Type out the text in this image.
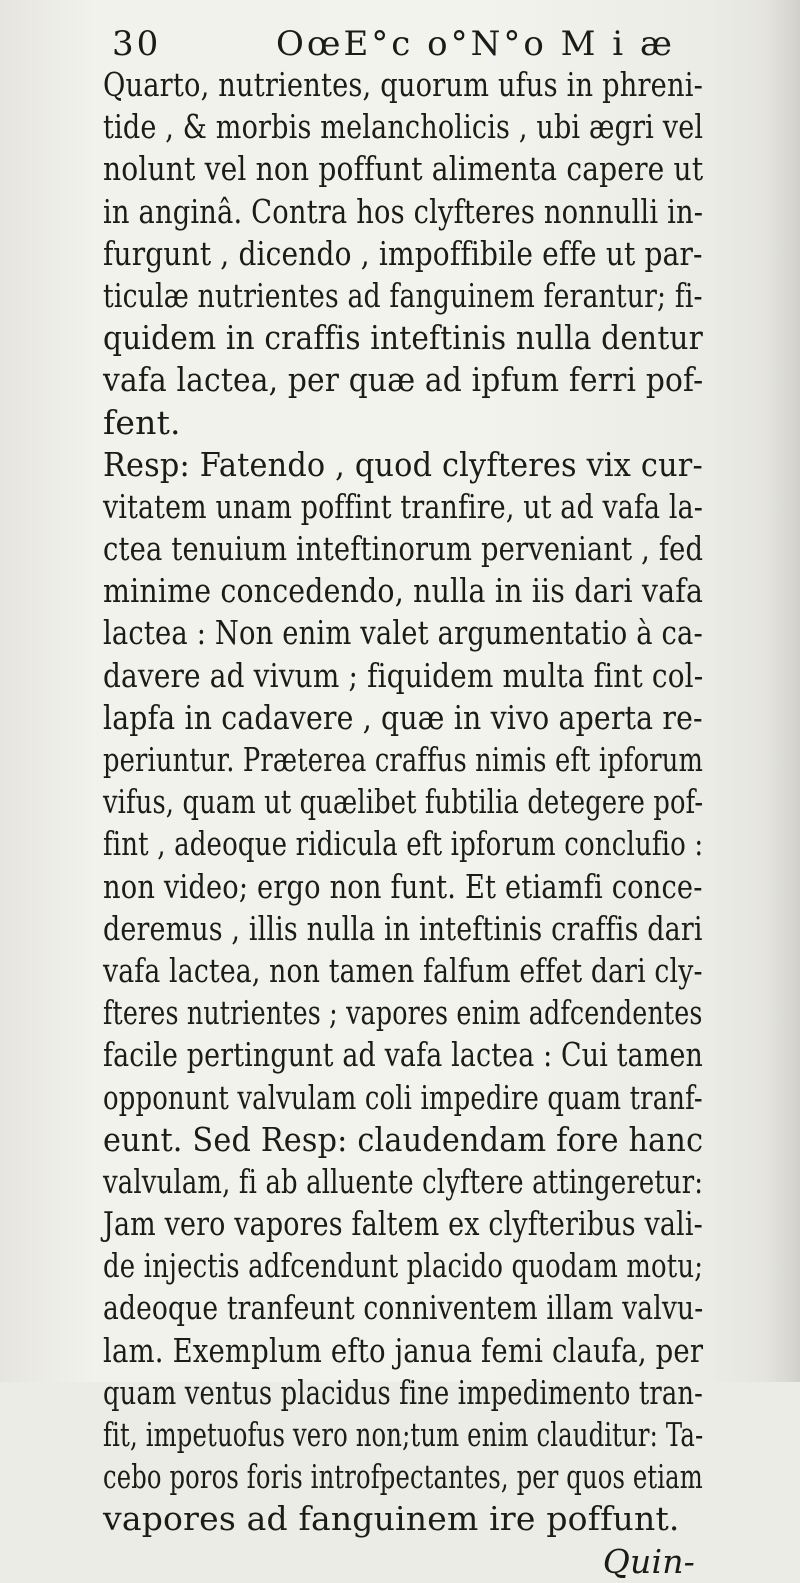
30	OœE°c o°N°o M i æ
Quarto, nutrientes, quorum ufus in phreni-
tide , & morbis melancholicis , ubi ægri vel
nolunt vel non poffunt alimenta capere ut
in anginâ. Contra hos clyfteres nonnulli in-
furgunt , dicendo , impoffibile effe ut par-
ticulæ nutrientes ad fanguinem ferantur; fi-
quidem in craffis inteftinis nulla dentur
vafa lactea, per quæ ad ipfum ferri pof-
fent.
Resp: Fatendo , quod clyfteres vix cur-
vitatem unam poffint tranfire, ut ad vafa la-
ctea tenuium inteftinorum perveniant , fed
minime concedendo, nulla in iis dari vafa
lactea : Non enim valet argumentatio à ca-
davere ad vivum ; fiquidem multa fint col-
lapfa in cadavere , quæ in vivo aperta re-
periuntur. Præterea craffus nimis eft ipforum
vifus, quam ut quælibet fubtilia detegere pof-
fint , adeoque ridicula eft ipforum conclufio :
non video; ergo non funt. Et etiamfi conce-
deremus , illis nulla in inteftinis craffis dari
vafa lactea, non tamen falfum effet dari cly-
fteres nutrientes ; vapores enim adfcendentes
facile pertingunt ad vafa lactea : Cui tamen
opponunt valvulam coli impedire quam tranf-
eunt. Sed Resp: claudendam fore hanc
valvulam, fi ab alluente clyftere attingeretur:
Jam vero vapores faltem ex clyfteribus vali-
de injectis adfcendunt placido quodam motu;
adeoque tranfeunt conniventem illam valvu-
lam. Exemplum efto janua femi claufa, per
quam ventus placidus fine impedimento tran-
fit, impetuofus vero non;tum enim clauditur: Ta-
cebo poros foris introfpectantes, per quos etiam
vapores ad fanguinem ire poffunt.
Quin-
